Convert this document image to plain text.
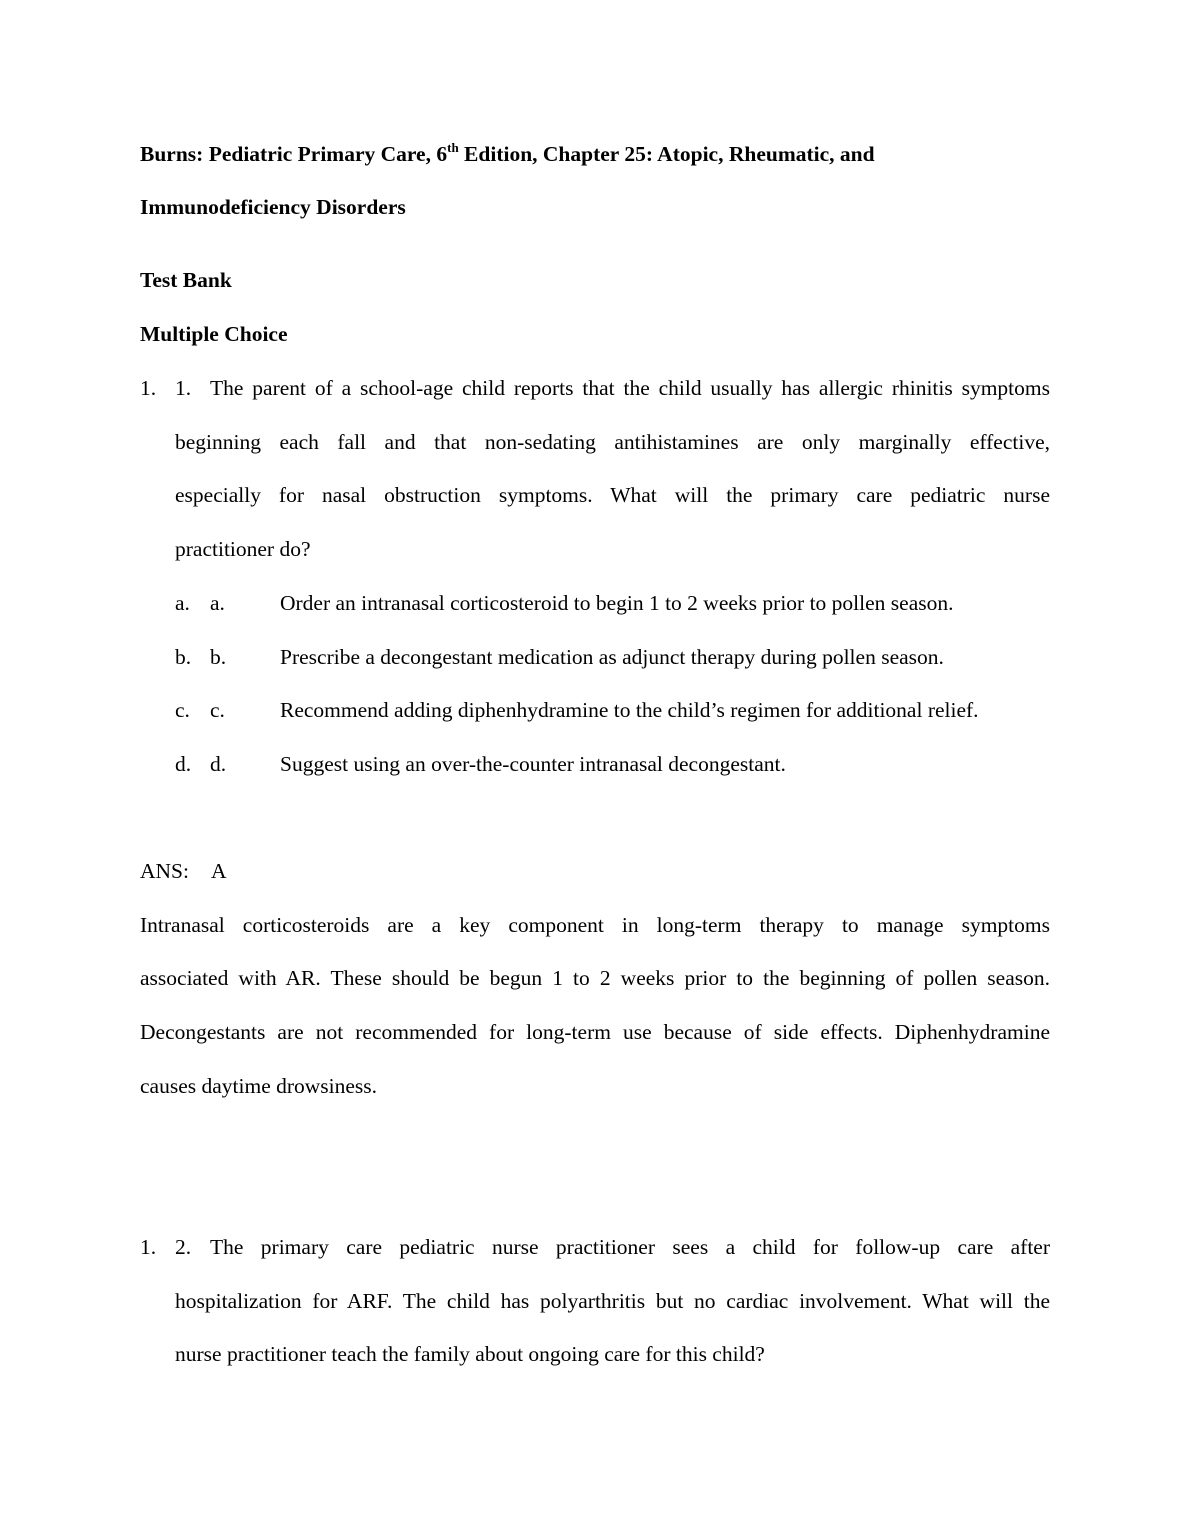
Burns: Pediatric Primary Care, 6th Edition, Chapter 25: Atopic, Rheumatic, and
Immunodeficiency Disorders
Test Bank
Multiple Choice
1. 1. The parent of a school-age child reports that the child usually has allergic rhinitis symptoms
beginning each fall and that non-sedating antihistamines are only marginally effective,
especially for nasal obstruction symptoms. What will the primary care pediatric nurse
practitioner do?
a. a.	Order an intranasal corticosteroid to begin 1 to 2 weeks prior to pollen season.
b. b.	Prescribe a decongestant medication as adjunct therapy during pollen season.
c. c.	Recommend adding diphenhydramine to the child’s regimen for additional relief.
d. d.	Suggest using an over-the-counter intranasal decongestant.
ANS: A
Intranasal corticosteroids are a key component in long-term therapy to manage symptoms
associated with AR. These should be begun 1 to 2 weeks prior to the beginning of pollen season.
Decongestants are not recommended for long-term use because of side effects. Diphenhydramine
causes daytime drowsiness.
1. 2. The primary care pediatric nurse practitioner sees a child for follow-up care after
hospitalization for ARF. The child has polyarthritis but no cardiac involvement. What will the
nurse practitioner teach the family about ongoing care for this child?
